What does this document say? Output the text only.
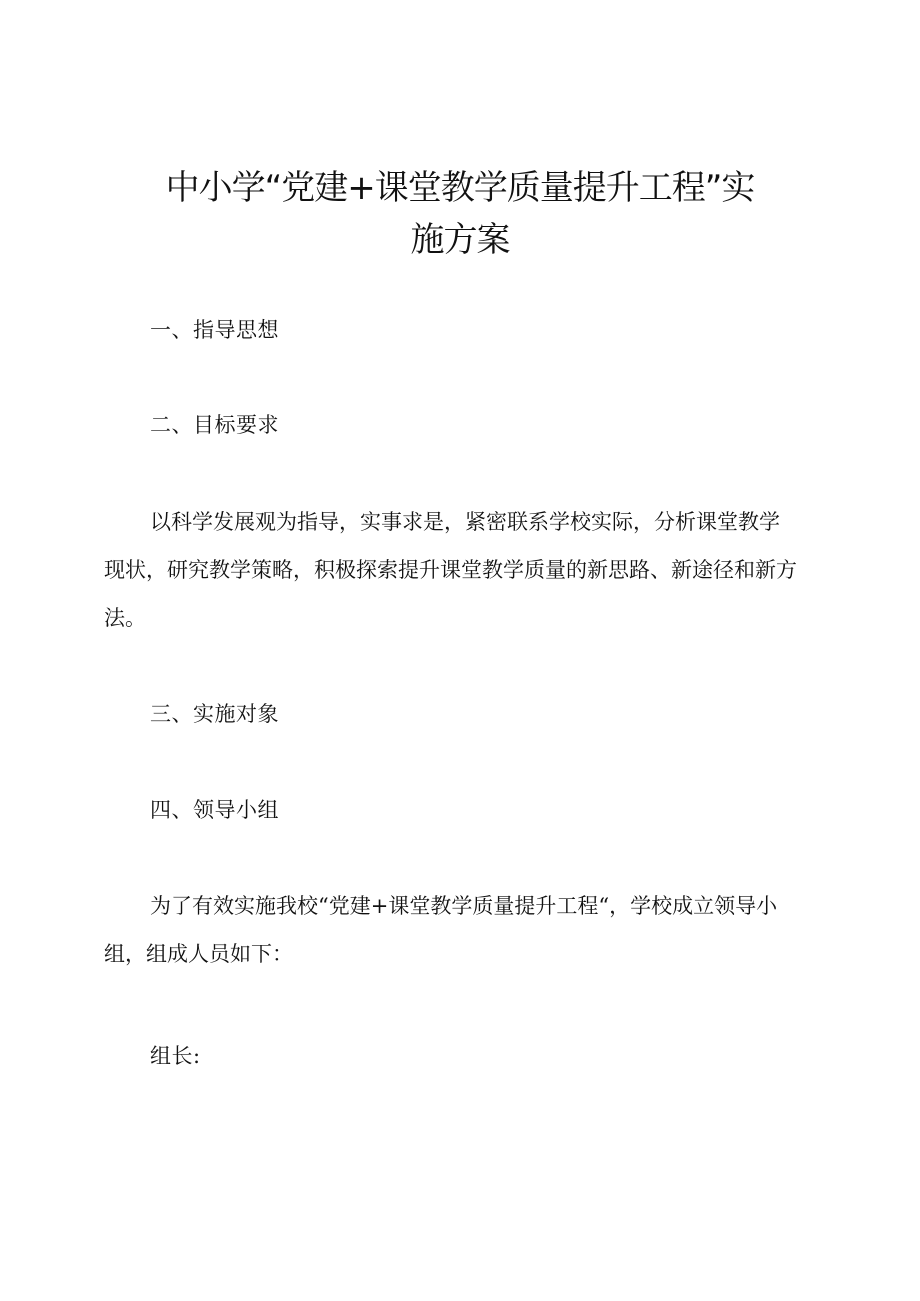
中小学“党建+课堂教学质量提升工程”实
施方案
一、指导思想
二、目标要求
以科学发展观为指导，实事求是，紧密联系学校实际，分析课堂教学
现状，研究教学策略，积极探索提升课堂教学质量的新思路、新途径和新方
法。
三、实施对象
四、领导小组
为了有效实施我校“党建+课堂教学质量提升工程“，学校成立领导小
组，组成人员如下：
组长:
